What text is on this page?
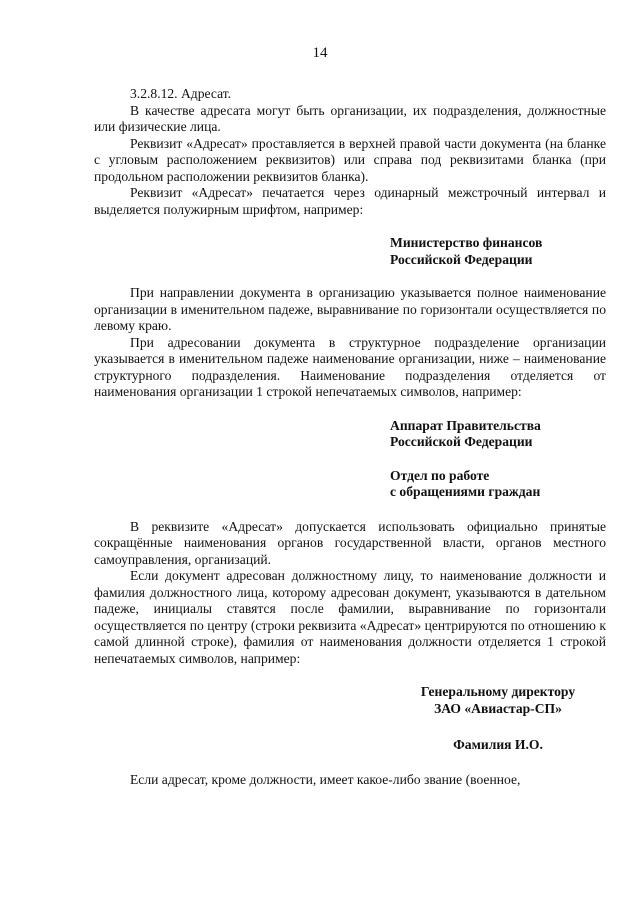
14

3.2.8.12. Адресат.

В качестве адресата могут быть организации, их подразделения, должностные или физические лица.

Реквизит «Адресат» проставляется в верхней правой части документа (на бланке с угловым расположением реквизитов) или справа под реквизитами бланка (при продольном расположении реквизитов бланка).

Реквизит «Адресат» печатается через одинарный межстрочный интервал и выделяется полужирным шрифтом, например:

Министерство финансов
Российской Федерации

При направлении документа в организацию указывается полное наименование организации в именительном падеже, выравнивание по горизонтали осуществляется по левому краю.

При адресовании документа в структурное подразделение организации указывается в именительном падеже наименование организации, ниже – наименование структурного подразделения. Наименование подразделения отделяется от наименования организации 1 строкой непечатаемых символов, например:

Аппарат Правительства
Российской Федерации
Отдел по работе
с обращениями граждан

В реквизите «Адресат» допускается использовать официально принятые сокращённые наименования органов государственной власти, органов местного самоуправления, организаций.

Если документ адресован должностному лицу, то наименование должности и фамилия должностного лица, которому адресован документ, указываются в дательном падеже, инициалы ставятся после фамилии, выравнивание по горизонтали осуществляется по центру (строки реквизита «Адресат» центрируются по отношению к самой длинной строке), фамилия от наименования должности отделяется 1 строкой непечатаемых символов, например:

Генеральному директору
ЗАО «Авиастар-СП»
Фамилия И.О.

Если адресат, кроме должности, имеет какое-либо звание (военное,
